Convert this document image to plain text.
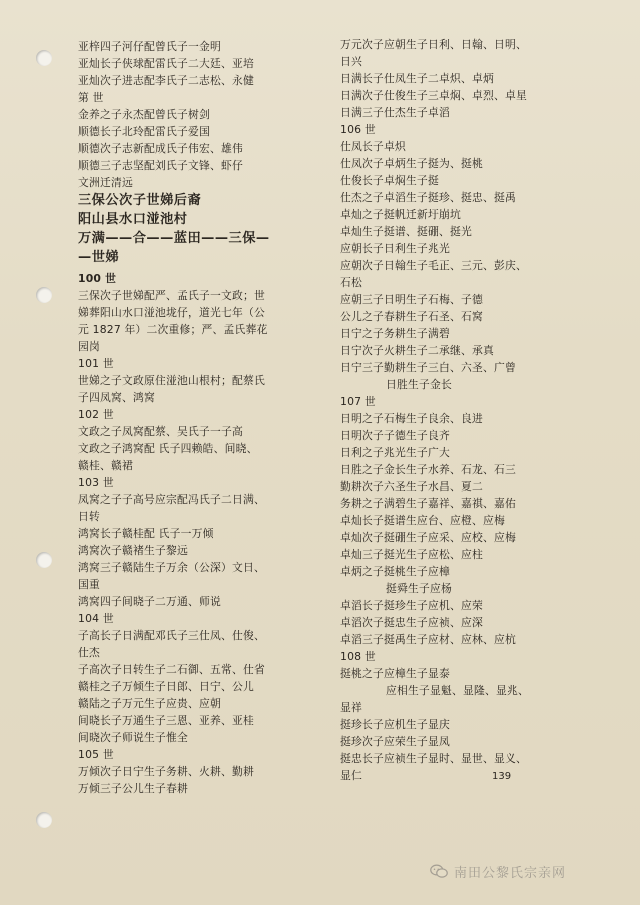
亚梓四子河仔配曾氏子一金明
亚灿长子侠球配雷氏子二大廷、亚培
亚灿次子进志配李氏子二志松、永健
第 世
金养之子永杰配曾氏子树剑
顺德长子北玲配雷氏子爱国
顺德次子志新配成氏子伟宏、雄伟
顺德三子志坚配刘氏子文锋、虾仔
文洲迁清远
三保公次子世娣后裔
阳山县水口湴池村
万满——合——蓝田——三保—
—世娣
100 世
三保次子世娣配严、孟氏子一文政；世
娣葬阳山水口湴池垅仔，道光七年（公
元 1827 年）二次重修；严、孟氏葬花
园岗
101 世
世娣之子文政原住湴池山根村；配蔡氏
子四凤窝、鸿窝
102 世
文政之子凤窝配蔡、吴氏子一子高
文政之子鸿窝配 氏子四赖皓、间晓、
赣桂、赣裙
103 世
凤窝之子子高号应宗配冯氏子二日满、
日转
鸿窝长子赣桂配 氏子一万倾
鸿窝次子赣褚生子黎远
鸿窝三子赣陆生子万余（公深）文日、
国重
鸿窝四子间晓子二万通、师说
104 世
子高长子日满配邓氏子三仕凤、仕俊、
仕杰
子高次子日转生子二石御、五常、仕省
赣桂之子万倾生子日郎、日宁、公儿
赣陆之子万元生子应贵、应朝
间晓长子万通生子三恩、亚养、亚桂
间晓次子师说生子惟全
105 世
万倾次子日宁生子务耕、火耕、勤耕
万倾三子公儿生子春耕
万元次子应朝生子日利、日翰、日明、
日兴
日满长子仕凤生子二卓炽、卓炳
日满次子仕俊生子三卓焖、卓烈、卓星
日满三子仕杰生子卓滔
106 世
仕凤长子卓炽
仕凤次子卓炳生子挺为、挺桃
仕俊长子卓焖生子挺
仕杰之子卓滔生子挺珍、挺忠、挺禹
卓灿之子挺帆迁新圩崩坑
卓灿生子挺谱、挺硼、挺光
应朝长子日利生子兆光
应朝次子日翰生子毛正、三元、彭庆、
石松
应朝三子日明生子石梅、子德
公儿之子春耕生子石圣、石窝
日宁之子务耕生子满碧
日宁次子火耕生子二承继、承真
日宁三子勤耕生子三白、六圣、广曾
日胜生子金长
107 世
日明之子石梅生子良余、良进
日明次子子德生子良齐
日利之子兆光生子广大
日胜之子金长生子水养、石龙、石三
勤耕次子六圣生子水昌、夏二
务耕之子满碧生子嘉祥、嘉祺、嘉佑
卓灿长子挺谱生应台、应橙、应梅
卓灿次子挺硼生子应采、应校、应梅
卓灿三子挺光生子应松、应柱
卓炳之子挺桃生子应樟
挺舜生子应杨
卓滔长子挺珍生子应机、应荣
卓滔次子挺忠生子应祯、应深
卓滔三子挺禹生子应材、应林、应杭
108 世
挺桃之子应樟生子显泰
应相生子显魁、显隆、显兆、
显祥
挺珍长子应机生子显庆
挺珍次子应荣生子显凤
挺忠长子应祯生子显时、显世、显义、
显仁	139
南田公黎氏宗亲网
